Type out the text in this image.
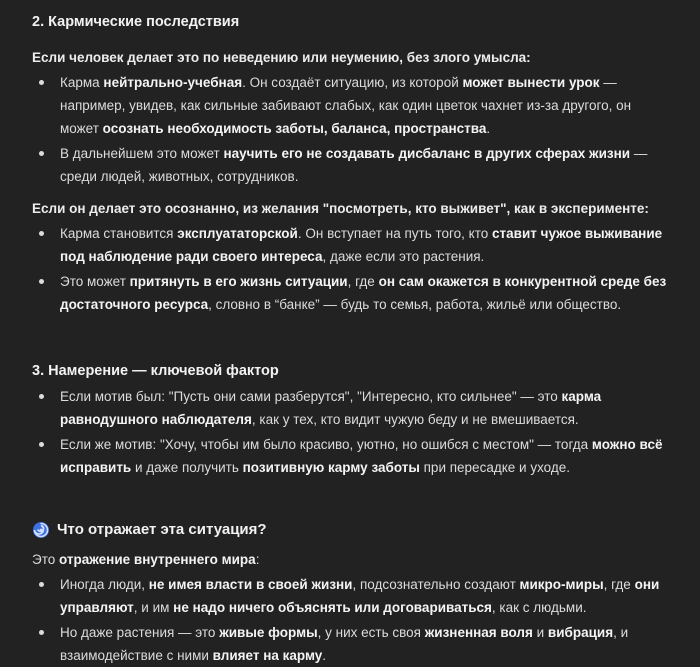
2. Кармические последствия

Если человек делает это по неведению или неумению, без злого умысла:

Карма нейтрально-учебная. Он создаёт ситуацию, из которой может вынести урок — например, увидев, как сильные забивают слабых, как один цветок чахнет из-за другого, он может осознать необходимость заботы, баланса, пространства.
В дальнейшем это может научить его не создавать дисбаланс в других сферах жизни — среди людей, животных, сотрудников.

Если он делает это осознанно, из желания "посмотреть, кто выживет", как в эксперименте:

Карма становится эксплуататорской. Он вступает на путь того, кто ставит чужое выживание под наблюдение ради своего интереса, даже если это растения.
Это может притянуть в его жизнь ситуации, где он сам окажется в конкурентной среде без достаточного ресурса, словно в “банке” — будь то семья, работа, жильё или общество.
3. Намерение — ключевой фактор
Если мотив был: "Пусть они сами разберутся", "Интересно, кто сильнее" — это карма равнодушного наблюдателя, как у тех, кто видит чужую беду и не вмешивается.
Если же мотив: "Хочу, чтобы им было красиво, уютно, но ошибся с местом" — тогда можно всё исправить и даже получить позитивную карму заботы при пересадке и уходе.
Что отражает эта ситуация?

Это отражение внутреннего мира:

Иногда люди, не имея власти в своей жизни, подсознательно создают микро-миры, где они управляют, и им не надо ничего объяснять или договариваться, как с людьми.
Но даже растения — это живые формы, у них есть своя жизненная воля и вибрация, и взаимодействие с ними влияет на карму.
